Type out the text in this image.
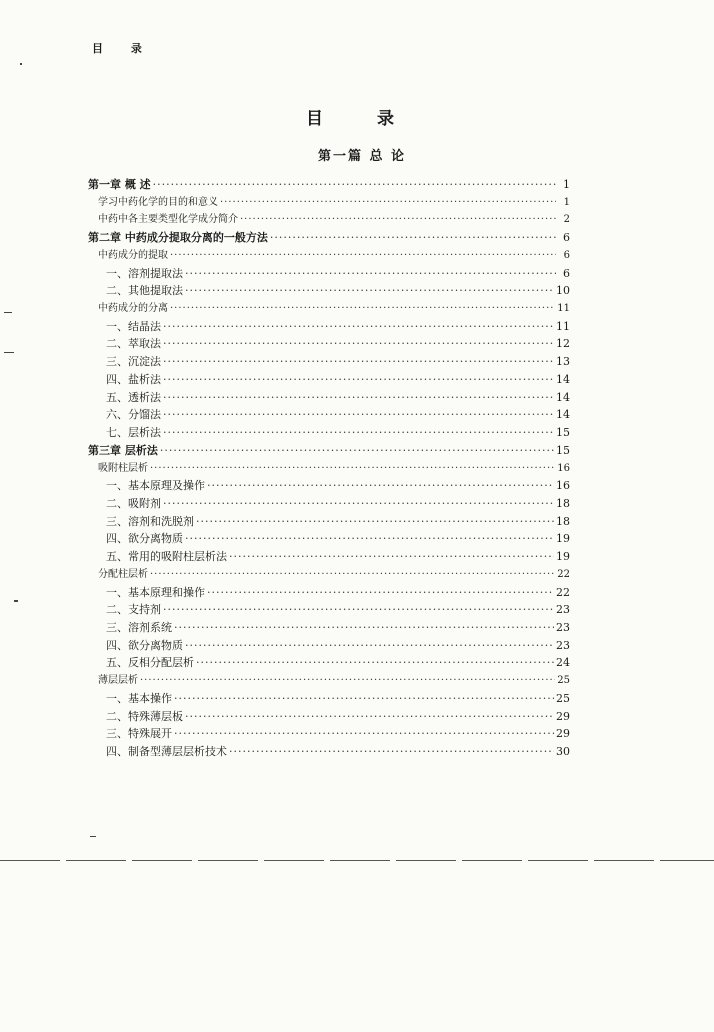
目 录
目 录
第一篇 总 论
第一章 概 述 ·····	1
学习中药化学的目的和意义 ·····	1
中药中各主要类型化学成分简介 ·····	2
第二章 中药成分提取分离的一般方法 ·····	6
中药成分的提取 ·····	6
一、溶剂提取法 ·····	6
二、其他提取法 ·····	10
中药成分的分离 ·····	11
一、结晶法 ·····	11
二、萃取法 ·····	12
三、沉淀法 ·····	13
四、盐析法 ·····	14
五、透析法 ·····	14
六、分馏法 ·····	14
七、层析法 ·····	15
第三章 层析法 ·····	15
吸附柱层析 ·····	16
一、基本原理及操作 ·····	16
二、吸附剂 ·····	18
三、溶剂和洗脱剂 ·····	18
四、欲分离物质 ·····	19
五、常用的吸附柱层析法 ·····	19
分配柱层析 ·····	22
一、基本原理和操作 ·····	22
二、支持剂 ·····	23
三、溶剂系统 ·····	23
四、欲分离物质 ·····	23
五、反相分配层析 ·····	24
薄层层析 ·····	25
一、基本操作 ·····	25
二、特殊薄层板 ·····	29
三、特殊展开 ·····	29
四、制备型薄层层析技术 ·····	30
